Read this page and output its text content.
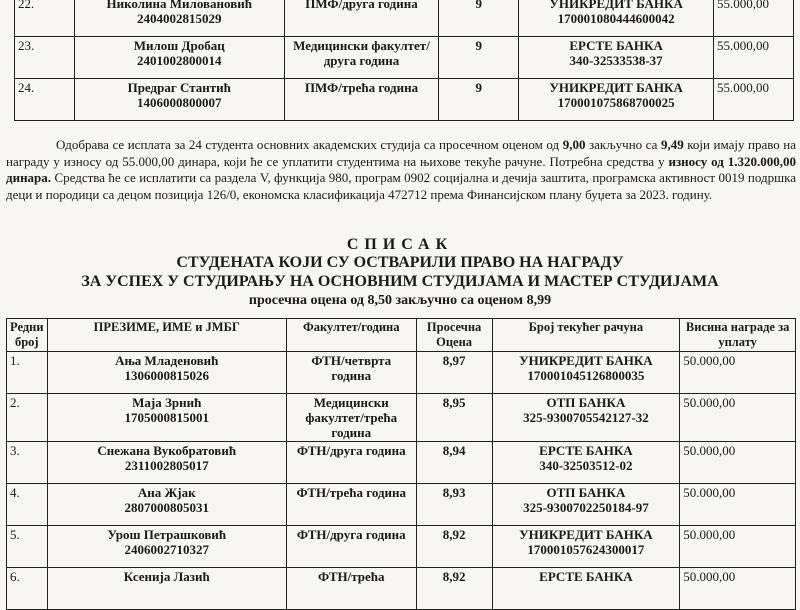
22.	Николина Миловановић
2404002815029	ПМФ/друга година	9	УНИКРЕДИТ БАНКА
170001080444600042	55.000,00
23.	Милош Дробац
2401002800014	Медицински факултет/друга година	9	ЕРСТЕ БАНКА
340-32533538-37	55.000,00
24.	Предраг Стантић
1406000800007	ПМФ/трећа година	9	УНИКРЕДИТ БАНКА
170001075868700025	55.000,00

Одобрава се исплата за 24 студента основних академских студија са просечном оценом од 9,00 закључно са 9,49 који имају право на награду у износу од 55.000,00 динара, који ће се уплатити студентима на њихове текуће рачуне. Потребна средства у износу од 1.320.000,00 динара. Средства ће се исплатити са раздела V, функција 980, програм 0902 социјална и дечија заштита, програмска активност 0019 подршка деци и породици са децом позиција 126/0, економска класификација 472712 према Финансијском плану буџета за 2023. годину.

СПИСАК
СТУДЕНАТА КОЈИ СУ ОСТВАРИЛИ ПРАВО НА НАГРАДУ
ЗА УСПЕХ У СТУДИРАЊУ НА ОСНОВНИМ СТУДИЈАМА И МАСТЕР СТУДИЈАМА
просечна оцена од 8,50 закључно са оценом 8,99
Редни број	ПРЕЗИМЕ, ИМЕ и ЈМБГ	Факултет/година	Просечна Оцена	Број текућег рачуна	Висина награде за уплату
1.	Ања Младеновић
1306000815026	ФТН/четврта година	8,97	УНИКРЕДИТ БАНКА
170001045126800035	50.000,00
2.	Маја Зрнић
1705000815001	Медицински факултет/трећа година	8,95	ОТП БАНКА
325-9300705542127-32	50.000,00
3.	Снежана Вукобратовић
2311002805017	ФТН/друга година	8,94	ЕРСТЕ БАНКА
340-32503512-02	50.000,00
4.	Ана Жјак
2807000805031	ФТН/трећа година	8,93	ОТП БАНКА
325-9300702250184-97	50.000,00
5.	Урош Петрашковић
2406002710327	ФТН/друга година	8,92	УНИКРЕДИТ БАНКА
170001057624300017	50.000,00
6.	Ксенија Лазић	ФТН/трећа	8,92	ЕРСТЕ БАНКА	50.000,00
